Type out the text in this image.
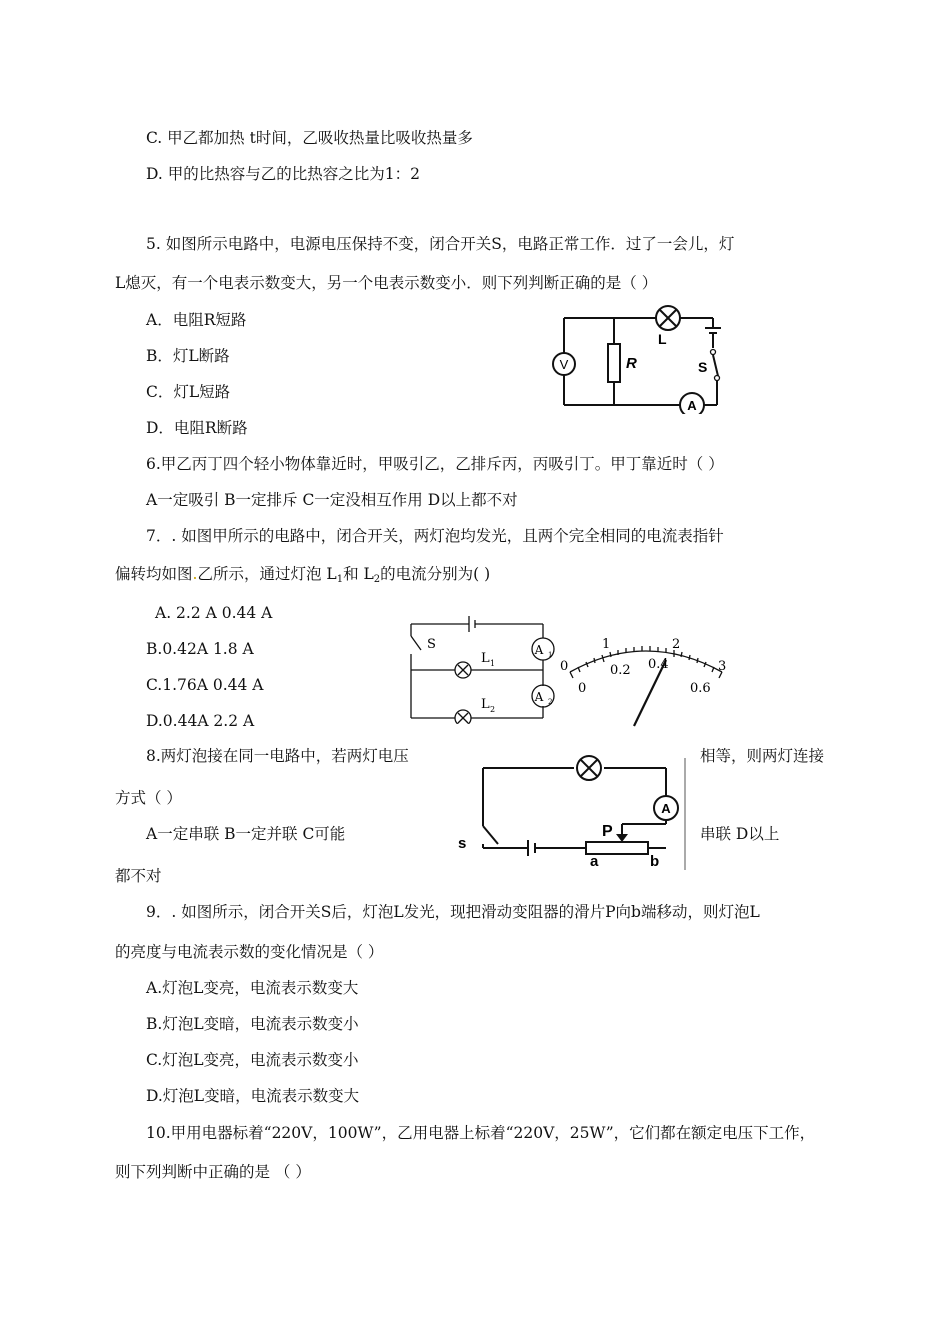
C. 甲乙都加热 t时间，乙吸收热量比吸收热量多
D. 甲的比热容与乙的比热容之比为1：2
5. 如图所示电路中，电源电压保持不变，闭合开关S，电路正常工作．过了一会儿，灯
L熄灭，有一个电表示数变大，另一个电表示数变小．则下列判断正确的是（ ）
A．电阻R短路
B．灯L断路
C．灯L短路
D．电阻R断路
R
V
L
S
A
6.甲乙丙丁四个轻小物体靠近时，甲吸引乙，乙排斥丙，丙吸引丁。甲丁靠近时（ ）
A一定吸引 B一定排斥 C一定没相互作用 D以上都不对
7．. 如图甲所示的电路中，闭合开关，两灯泡均发光，且两个完全相同的电流表指针
偏转均如图.乙所示，通过灯泡 $L_1$和 $L_2$的电流分别为( )
A. 2.2 A 0.44 A
B.0.42A 1.8 A
C.1.76A 0.44 A
D.0.44A 2.2 A
S
L 1
L 2
A 1
A 2
0
1	2
3
0
0.2 0.4
0.6
8.两灯泡接在同一电路中，若两灯电压	相等，则两灯连接
方式（ ）
A一定串联 B一定并联 C可能	串联 D以上
都不对
s
P
a	b
A
9．. 如图所示，闭合开关S后，灯泡L发光，现把滑动变阻器的滑片P向b端移动，则灯泡L
的亮度与电流表示数的变化情况是（ ）
A.灯泡L变亮，电流表示数变大
B.灯泡L变暗，电流表示数变小
C.灯泡L变亮，电流表示数变小
D.灯泡L变暗，电流表示数变大
10.甲用电器标着“220V，100W”，乙用电器上标着“220V，25W”，它们都在额定电压下工作，
则下列判断中正确的是 （ ）
